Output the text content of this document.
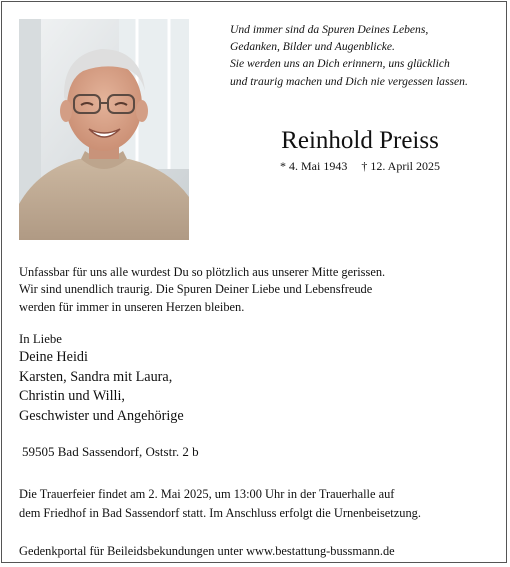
Und immer sind da Spuren Deines Lebens,
Gedanken, Bilder und Augenblicke.
Sie werden uns an Dich erinnern, uns glücklich
und traurig machen und Dich nie vergessen lassen.
Reinhold Preiss
* 4. Mai 1943 † 12. April 2025
Unfassbar für uns alle wurdest Du so plötzlich aus unserer Mitte gerissen.
Wir sind unendlich traurig. Die Spuren Deiner Liebe und Lebensfreude
werden für immer in unseren Herzen bleiben.
In Liebe
Deine Heidi
Karsten, Sandra mit Laura,
Christin und Willi,
Geschwister und Angehörige
59505 Bad Sassendorf, Oststr. 2 b
Die Trauerfeier findet am 2. Mai 2025, um 13:00 Uhr in der Trauerhalle auf
dem Friedhof in Bad Sassendorf statt. Im Anschluss erfolgt die Urnenbeisetzung.
Gedenkportal für Beileidsbekundungen unter www.bestattung-bussmann.de
